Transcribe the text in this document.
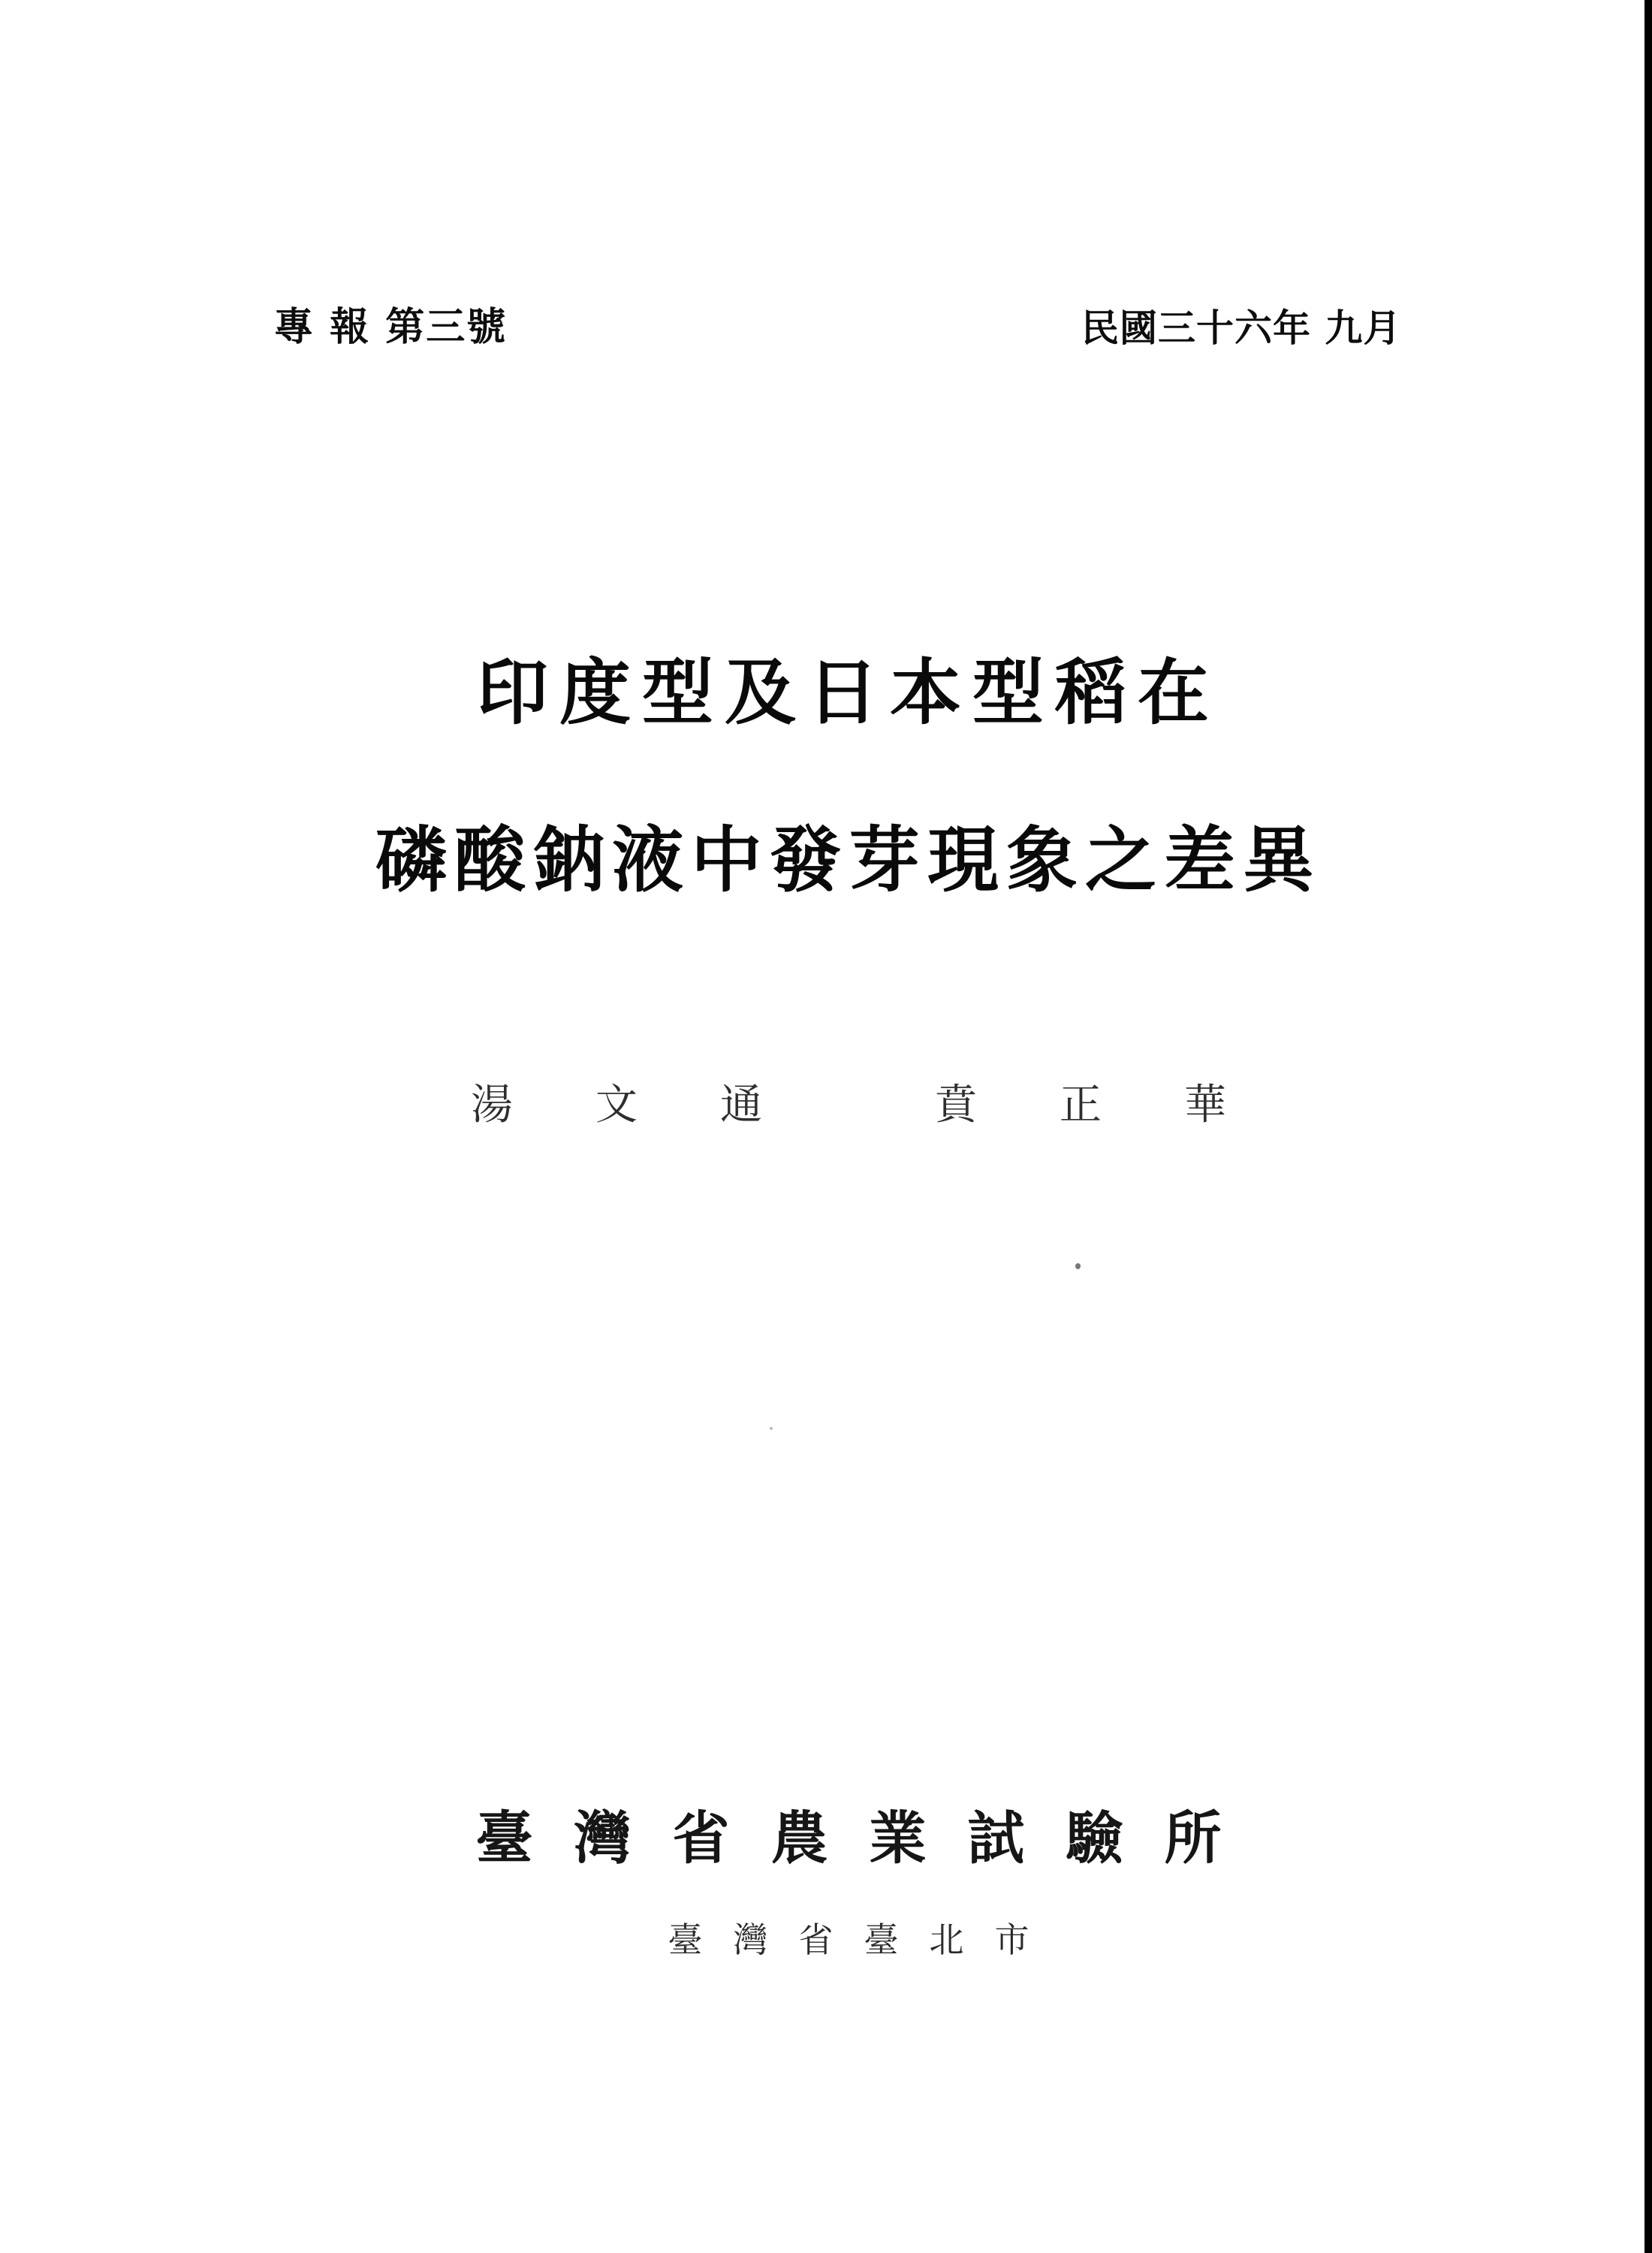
專 報 第三號	民國三十六年 九月
印度型及日本型稻在
磷酸鈉液中發芽現象之差異
湯文通 賁正華
臺灣省農業試驗所
臺灣省臺北市
